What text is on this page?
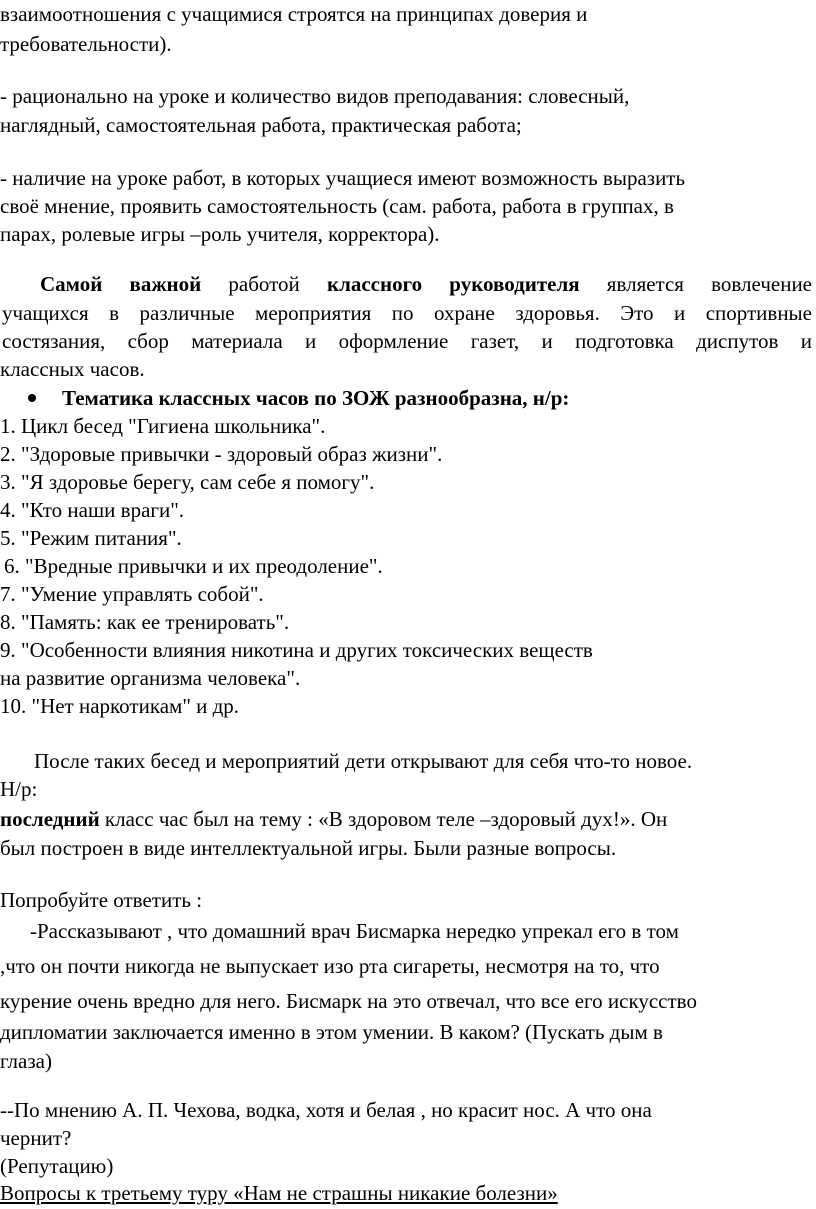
взаимоотношения с учащимися строятся на принципах доверия и
требовательности).
- рационально на уроке и количество видов преподавания: словесный,
наглядный, самостоятельная работа, практическая работа;
- наличие на уроке работ, в которых учащиеся имеют возможность выразить
своё мнение, проявить самостоятельность (сам. работа, работа в группах, в
парах, ролевые игры –роль учителя, корректора).
Самой важной работой классного руководителя является вовлечение
учащихся в различные мероприятия по охране здоровья. Это и спортивные
состязания, сбор материала и оформление газет, и подготовка диспутов и
классных часов.
Тематика классных часов по ЗОЖ разнообразна, н/р:
1. Цикл бесед "Гигиена школьника".
2. "Здоровые привычки - здоровый образ жизни".
3. "Я здоровье берегу, сам себе я помогу".
4. "Кто наши враги".
5. "Режим питания".
6. "Вредные привычки и их преодоление".
7. "Умение управлять собой".
8. "Память: как ее тренировать".
9. "Особенности влияния никотина и других токсических веществ
на развитие организма человека".
10. "Нет наркотикам" и др.
После таких бесед и мероприятий дети открывают для себя что-то новое.
Н/р:
последний класс час был на тему : «В здоровом теле –здоровый дух!». Он
был построен в виде интеллектуальной игры. Были разные вопросы.
Попробуйте ответить :
-Рассказывают , что домашний врач Бисмарка нередко упрекал его в том
,что он почти никогда не выпускает изо рта сигареты, несмотря на то, что
курение очень вредно для него. Бисмарк на это отвечал, что все его искусство
дипломатии заключается именно в этом умении. В каком? (Пускать дым в
глаза)
--По мнению А. П. Чехова, водка, хотя и белая , но красит нос. А что она
чернит?
(Репутацию)
Вопросы к третьему туру «Нам не страшны никакие болезни»
